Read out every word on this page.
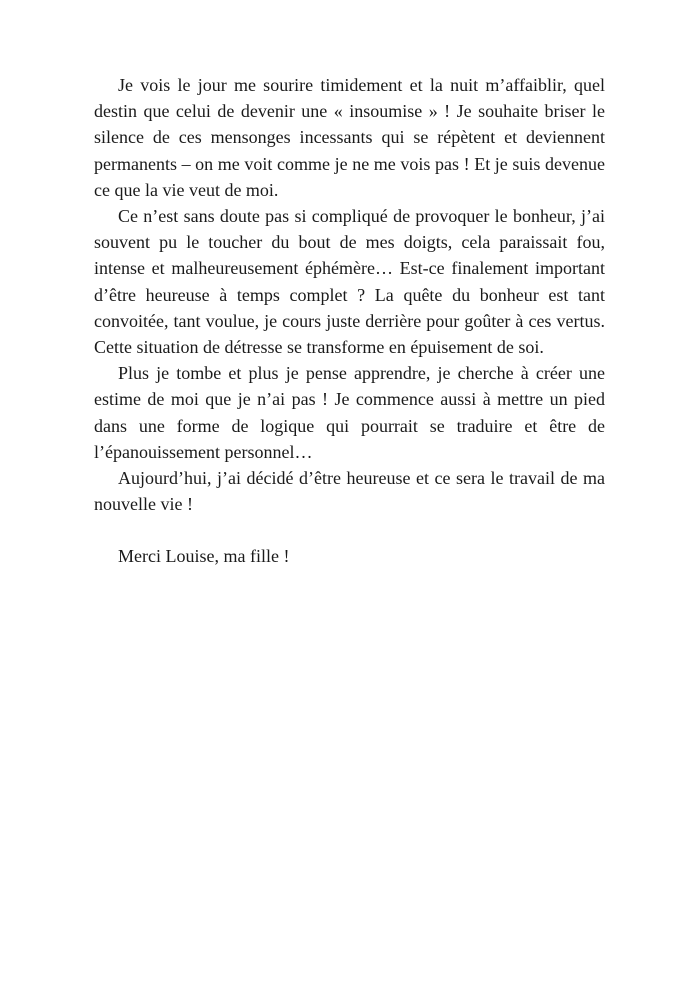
Je vois le jour me sourire timidement et la nuit m’affaiblir, quel destin que celui de devenir une « insoumise » ! Je souhaite briser le silence de ces mensonges incessants qui se répètent et deviennent permanents – on me voit comme je ne me vois pas ! Et je suis devenue ce que la vie veut de moi.

Ce n’est sans doute pas si compliqué de provoquer le bonheur, j’ai souvent pu le toucher du bout de mes doigts, cela paraissait fou, intense et malheureusement éphémère… Est-ce finalement important d’être heureuse à temps complet ? La quête du bonheur est tant convoitée, tant voulue, je cours juste derrière pour goûter à ces vertus. Cette situation de détresse se transforme en épuisement de soi.

Plus je tombe et plus je pense apprendre, je cherche à créer une estime de moi que je n’ai pas ! Je commence aussi à mettre un pied dans une forme de logique qui pourrait se traduire et être de l’épanouissement personnel…

Aujourd’hui, j’ai décidé d’être heureuse et ce sera le travail de ma nouvelle vie !

Merci Louise, ma fille !
